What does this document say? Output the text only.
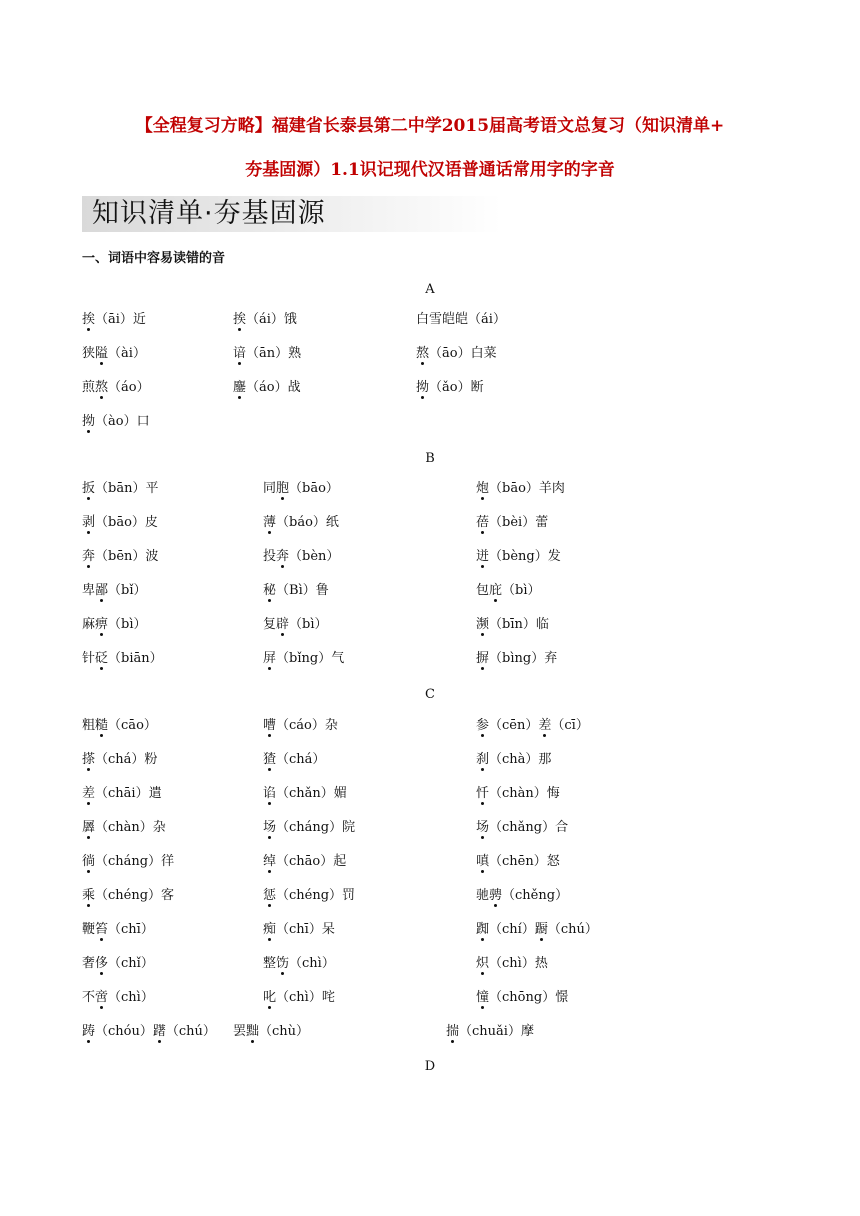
【全程复习方略】福建省长泰县第二中学2015届高考语文总复习（知识清单+
夯基固源）1.1识记现代汉语普通话常用字的字音
知识清单·夯基固源
一、词语中容易读错的音
A
B
C
D
挨（āi）近	挨（ái）饿	白雪皑皑（ái）
狭隘（ài）	谙（ān）熟	熬（āo）白菜
煎熬（áo）	鏖（áo）战	拗（ǎo）断
拗（ào）口
扳（bān）平	同胞（bāo）	炮（bāo）羊肉
剥（bāo）皮	薄（báo）纸	蓓（bèi）蕾
奔（bēn）波	投奔（bèn）	迸（bèng）发
卑鄙（bǐ）	秘（Bì）鲁	包庇（bì）
麻痹（bì）	复辟（bì）	濒（bīn）临
针砭（biān）	屏（bǐng）气	摒（bìng）弃
粗糙（cāo）	嘈（cáo）杂	参（cēn）差（cī）
搽（chá）粉	猹（chá）	刹（chà）那
差（chāi）遣	谄（chǎn）媚	忏（chàn）悔
羼（chàn）杂	场（cháng）院	场（chǎng）合
徜（cháng）徉	绰（chāo）起	嗔（chēn）怒
乘（chéng）客	惩（chéng）罚	驰骋（chěng）
鞭笞（chī）	痴（chī）呆	踟（chí）蹰（chú）
奢侈（chǐ）	整饬（chì）	炽（chì）热
不啻（chì）	叱（chì）咤	憧（chōng）憬
踌（chóu）躇（chú） 罢黜（chù）	揣（chuǎi）摩
